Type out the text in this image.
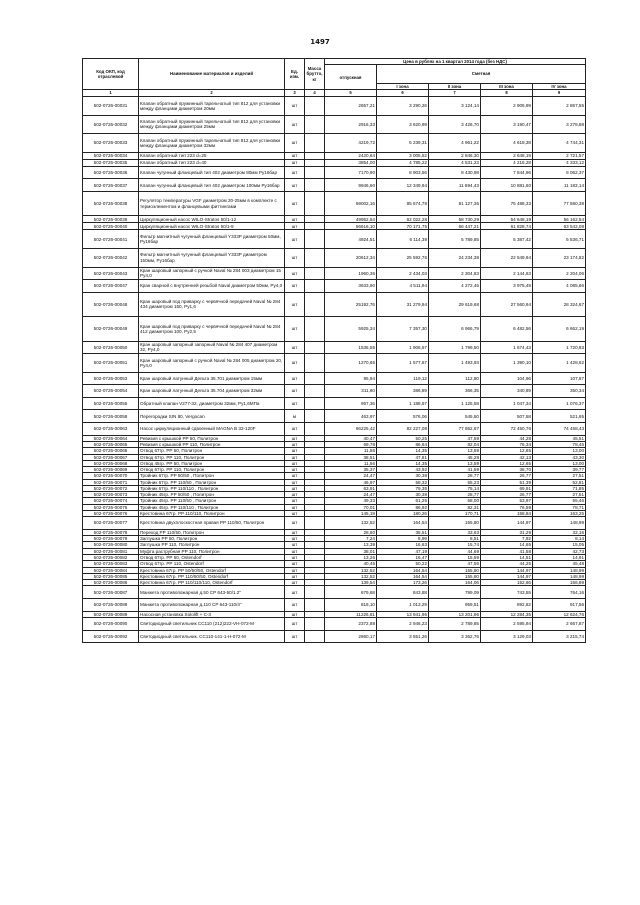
1497
Код ОКП, код отраслевой	Наименование материалов и изделий	Ед. изм.	Масса брутто, кг	Цена в рублях на 1 квартал 2014 года (без НДС)				
				отпускная	Сметная			
					I зона	II зона	III зона	IV зона
1	2	3	4	5	6	7	8	9
502-0726-00031	Клапан обратный пружинный тарельчатый тип 812 для установки между фланцами диаметром 20мм	шт		2657,21	3 290,26	3 124,14	2 906,99	2 867,55
502-0726-00032	Клапан обратный пружинный тарельчатый тип 812 для установки между фланцами диаметром 25мм	шт		2916,33	3 620,99	3 426,70	3 190,47	3 278,88
502-0726-00033	Клапан обратный пружинный тарельчатый тип 812 для установки между фланцами диаметром 32мм	шт		4219,72	5 239,31	4 961,22	4 618,38	4 744,31
502-0726-00034	Клапан обратный тип 223 d=25	шт		2420,64	3 005,52	2 846,30	2 648,19	2 721,57
502-0726-00035	Клапан обратный тип 223 d=40	шт		3854,00	4 785,22	4 531,23	4 216,28	4 333,12
502-0726-00036	Клапан чугунный фланцевый тип 402 диаметром 80мм Ру16бар	шт		7170,90	8 903,56	8 430,98	7 844,96	8 062,37
502-0726-00037	Клапан чугунный фланцевый тип 402 диаметром 100мм Ру16бар	шт		9946,60	12 349,94	11 694,43	10 881,60	11 183,14
502-0726-00038	Регулятор температуры VGF диаметром 20-25мм в комплекте с термоэлементом и фланцевыми фиттингами	шт		69002,16	85 674,78	81 127,36	75 488,33	77 580,38
502-0726-00039	Циркуляционный насос WILO-Stratos 50/1-12	шт		49952,54	62 022,28	58 730,29	54 648,19	56 162,54
502-0726-00040	Циркуляционный насос WILO-Stratos 50/1-9	шт		56616,10	70 171,75	66 447,21	61 828,74	63 542,08
502-0726-00041	Фильтр магнитный чугунный фланцевый Y333P диаметром 50мм, Ру16бар	шт		4924,51	6 114,39	5 789,85	5 387,42	5 536,71
502-0726-00042	Фильтр магнитный чугунный фланцевый Y333P диаметром 150мм, Ру16бар	шт		20612,34	25 592,76	24 234,38	22 549,94	23 174,82
502-0726-00043	Кран шаровый запорный с ручкой Naval № 284 003 диаметром 15 Ру4,0	шт		1960,36	2 434,03	2 304,83	2 144,63	2 204,06
502-0726-00047	Кран сварной с внутренней резьбой Naval диаметром 50мм, Ру4,0	шт		3633,90	4 511,94	4 272,45	3 975,49	4 085,66
502-0726-00048	Кран шаровый под приварку с червячной передачей Naval № 284 434 диаметром 150, Ру1,6	шт		25192,76	31 279,94	29 619,68	27 560,94	28 324,67
502-0726-00049	Кран шаровый под приварку с червячной передачей Naval № 284 412 диаметром 100, Ру2,5	шт		5925,34	7 357,30	6 966,79	6 482,56	6 662,19
502-0726-00050	Кран шаровый запорный запорный Naval № 284 407 диаметром 32, Ру4,0	шт		1535,55	1 906,57	1 799,50	1 674,43	1 720,83
502-0726-00051	Кран шаровый запорный с ручкой Naval № 284 005 диаметром 20, Ру4,0	шт		1270,65	1 577,67	1 493,93	1 390,10	1 428,62
502-0726-00053	Кран шаровый латунный Дельта 35.701 диаметром 15мм	шт		95,94	119,12	112,80	104,96	107,87
502-0726-00054	Кран шаровый латунный Дельта 35.704 диаметром 32мм	шт		311,60	386,89	366,35	340,89	350,34
502-0726-00055	Обратный клапан V277-32, диаметром 32мм, Ру1,6МПа	шт		957,36	1 188,67	1 125,58	1 047,34	1 076,37
502-0726-00058	Перегородки SIN 80, Vergocan	м		463,97	576,06	545,50	507,58	521,65
502-0726-00063	Насос циркуляционный сдвоенный MAGNA В 32-120F	шт		66225,42	82 227,08	77 862,67	72 450,76	74 458,43
502-0726-00064	Ревизия с крышкой PP 50, Политрон	шт		40,47	50,25	47,59	44,28	45,51
502-0726-00065	Ревизия с крышкой PP 110, Политрон	шт		69,78	86,64	82,04	76,34	78,45
502-0726-00066	Отвод 67гр. PP 50, Политрон	шт		11,56	14,35	13,59	12,65	13,00
502-0726-00067	Отвод 67гр. PP 110, Политрон	шт		38,51	47,81	45,28	42,13	43,30
502-0726-00068	Отвод 45гр. PP 50, Политрон	шт		11,56	14,35	13,59	12,65	13,00
502-0726-00069	Отвод 67гр. PP 110, Политрон	шт		35,37	43,92	41,59	38,70	39,77
502-0726-00070	Тройник 67гр. PP 50/50 , Политрон	шт		24,47	30,38	28,77	26,77	27,51
502-0726-00071	Тройник 67гр. PP 110/50 , Политрон	шт		46,97	58,32	55,23	51,39	52,81
502-0726-00072	Тройник 67гр. PP 110/110 , Политрон	шт		63,91	79,35	75,14	69,91	71,85
502-0726-00073	Тройник 45гр. PP 50/50 , Политрон	шт		24,47	30,38	28,77	26,77	27,51
502-0726-00074	Тройник 45гр. PP 110/50 , Политрон	шт		49,33	61,25	58,00	53,97	55,46
502-0726-00075	Тройник 45гр. PP 110/110 , Политрон	шт		70,01	86,92	82,31	76,59	78,71
502-0726-00076	Крестовина 67гр. PP 110/110, Политрон	шт		145,19	180,26	170,71	158,84	163,25
502-0726-00077	Крестовина двухплоскостная правая PP 110/50, Политрон	шт		132,52	164,54	155,80	144,97	148,99
502-0726-00078	Переход PP 110/50, Политрон	шт		28,60	35,51	33,63	31,29	32,16
502-0726-00079	Заглушка PP 50, Политрон	шт		7,24	8,99	8,51	7,92	8,14
502-0726-00080	Заглушка PP 110, Политрон	шт		13,39	16,63	15,74	14,65	15,05
502-0726-00081	Муфта раструбная PP 110, Политрон	шт		38,01	47,19	44,69	41,58	42,73
502-0726-00082	Отвод 67гр. PP 50, Ostendorf	шт		13,26	16,47	15,59	14,51	14,91
502-0726-00083	Отвод 67гр. PP 110, Ostendorf	шт		40,45	50,22	47,56	44,25	45,48
502-0726-00084	Крестовина 67гр. PP 50/50/50, Ostendorf	шт		132,52	164,54	155,80	144,97	148,99
502-0726-00085	Крестовина 67гр. PP 110/50/50, Ostendorf	шт		132,52	164,54	155,80	144,97	148,99
502-0726-00086	Крестовина 67гр. PP 110/110/110, Ostendorf	шт		139,54	173,26	164,06	152,66	156,89
502-0726-00087	Манжета противопожарная д.50 CP 643-50/1.2"	шт		679,68	843,88	799,09	743,55	764,16
502-0726-00088	Манжета противопожарная д.110 CP 643-110/4"	шт		816,10	1 013,29	959,51	892,82	917,56
502-0726-00089	Насосная установка Sololift + C-3	шт		11226,81	13 941,96	13 201,96	12 284,35	12 624,76
502-0726-00090	Светодиодный светильник СС110 (212)222-VH-072-M	шт		2372,88	2 946,23	2 789,85	2 595,94	2 667,87
502-0726-00092	Светодиодный светильник. СС110-141-1-Н-072-М	шт		2860,17	3 551,26	3 362,76	3 129,03	3 215,74
